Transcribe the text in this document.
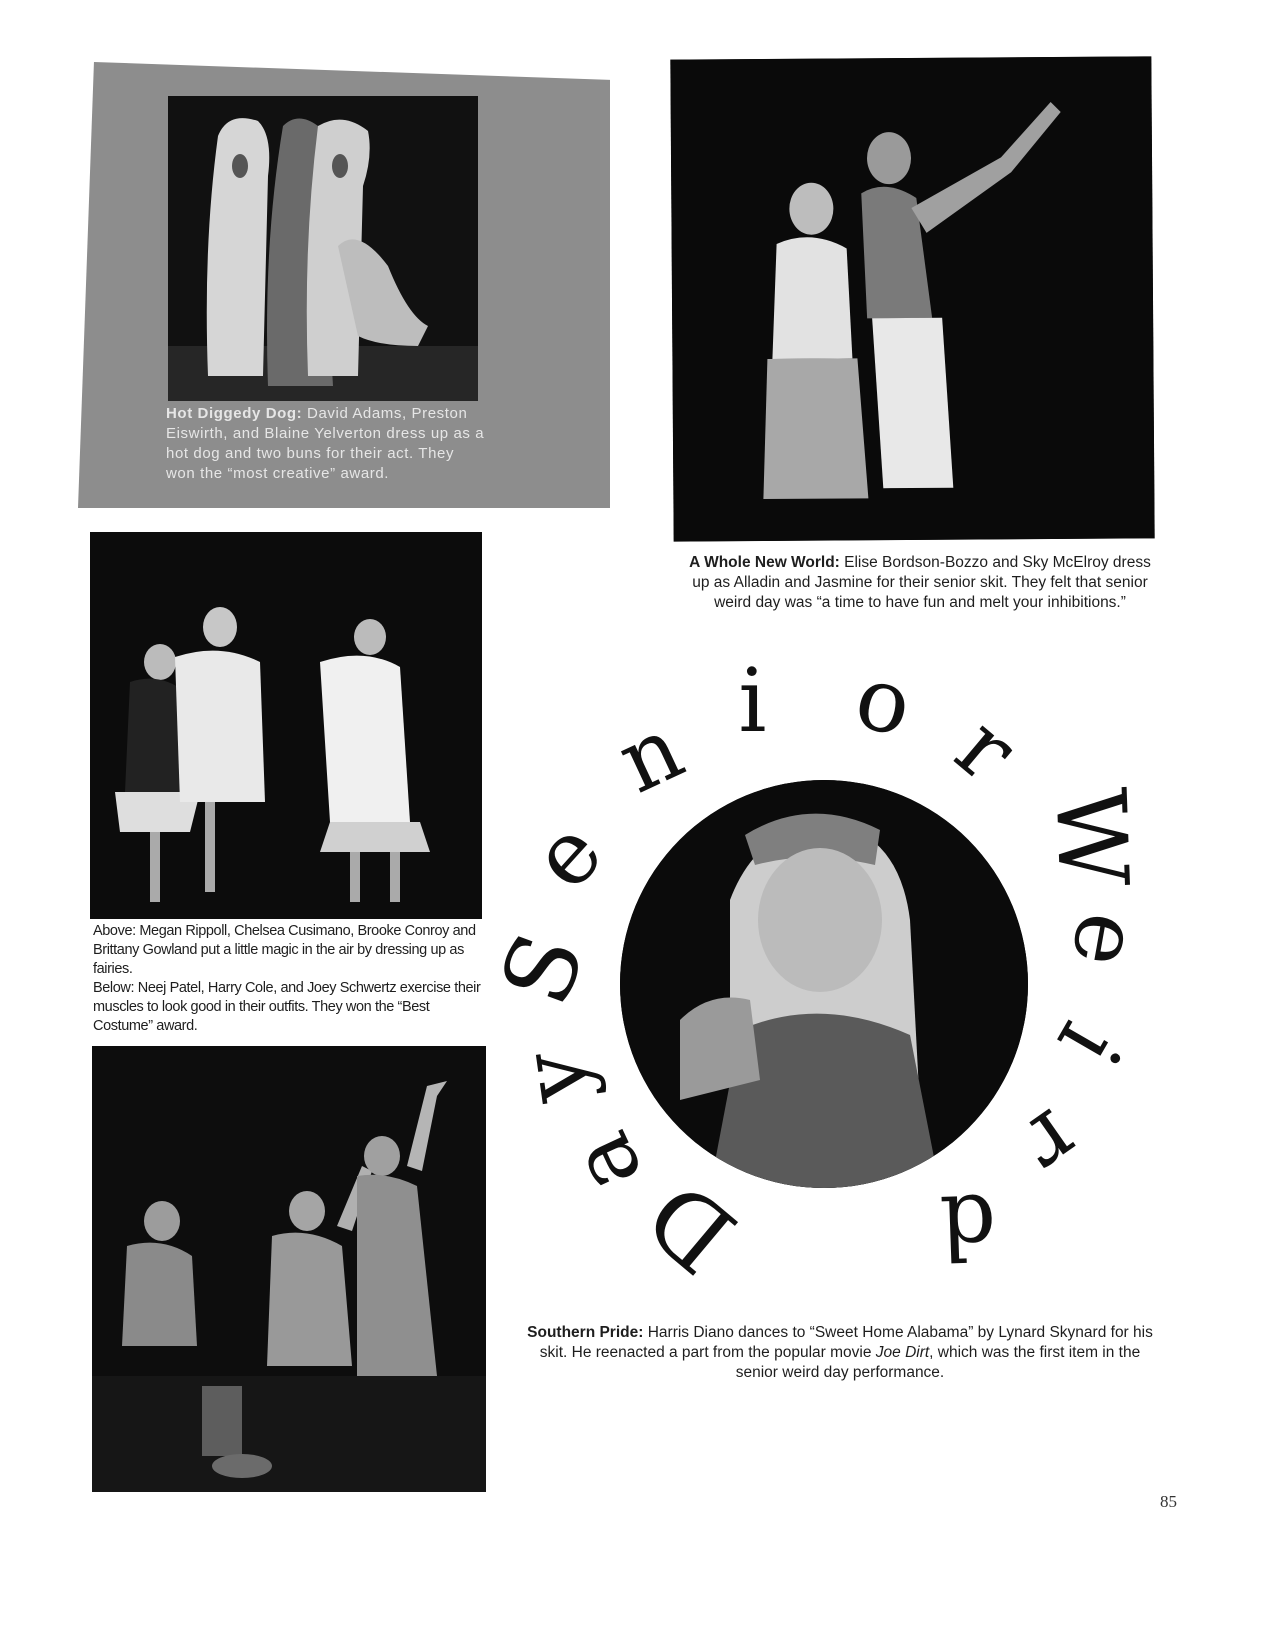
Hot Diggedy Dog: David Adams, Preston Eiswirth, and Blaine Yelverton dress up as a hot dog and two buns for their act. They won the “most creative” award.
A Whole New World: Elise Bordson-Bozzo and Sky McElroy dress up as Alladin and Jasmine for their senior skit. They felt that senior weird day was “a time to have fun and melt your inhibitions.”
Above: Megan Rippoll, Chelsea Cusimano, Brooke Conroy and Brittany Gowland put a little magic in the air by dressing up as fairies.
Below: Neej Patel, Harry Cole, and Joey Schwertz exercise their muscles to look good in their outfits. They won the “Best Costume” award.
S
e
n i o r
W
e
i
r
d
D
a
y
Southern Pride: Harris Diano dances to “Sweet Home Alabama” by Lynard Skynard for his skit. He reenacted a part from the popular movie Joe Dirt, which was the first item in the senior weird day performance.
85
